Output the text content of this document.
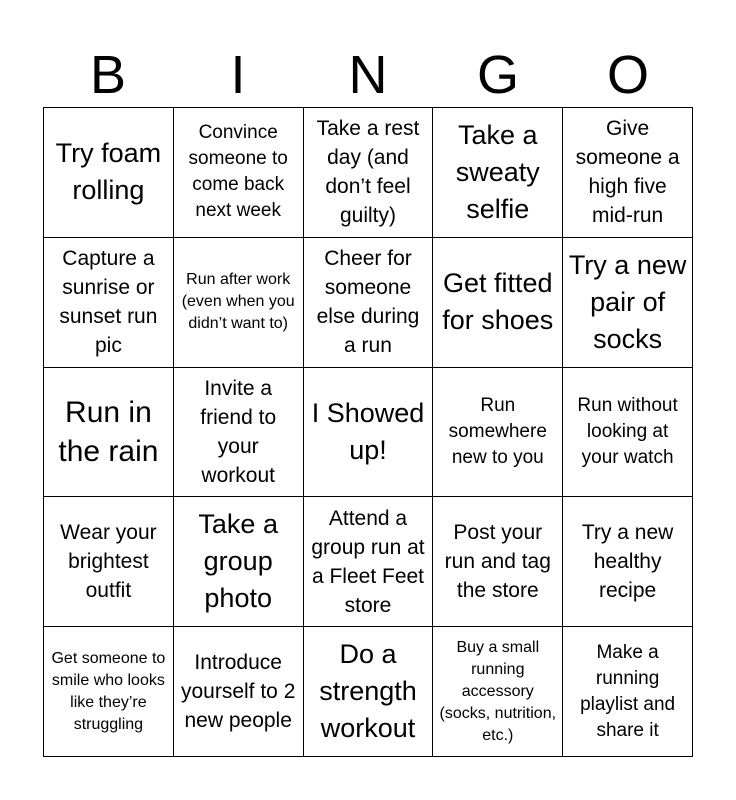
B	I	N	G	O
Try foam rolling
Convince someone to come back next week
Take a rest day (and don’t feel guilty)
Take a sweaty selfie
Give someone a high five mid-run
Capture a sunrise or sunset run pic
Run after work (even when you didn’t want to)
Cheer for someone else during a run
Get fitted for shoes
Try a new pair of socks
Run in the rain
Invite a friend to your workout
I Showed up!
Run somewhere new to you
Run without looking at your watch
Wear your brightest outfit
Take a group photo
Attend a group run at a Fleet Feet store
Post your run and tag the store
Try a new healthy recipe
Get someone to smile who looks like they’re struggling
Introduce yourself to 2 new people
Do a strength workout
Buy a small running accessory (socks, nutrition, etc.)
Make a running playlist and share it
